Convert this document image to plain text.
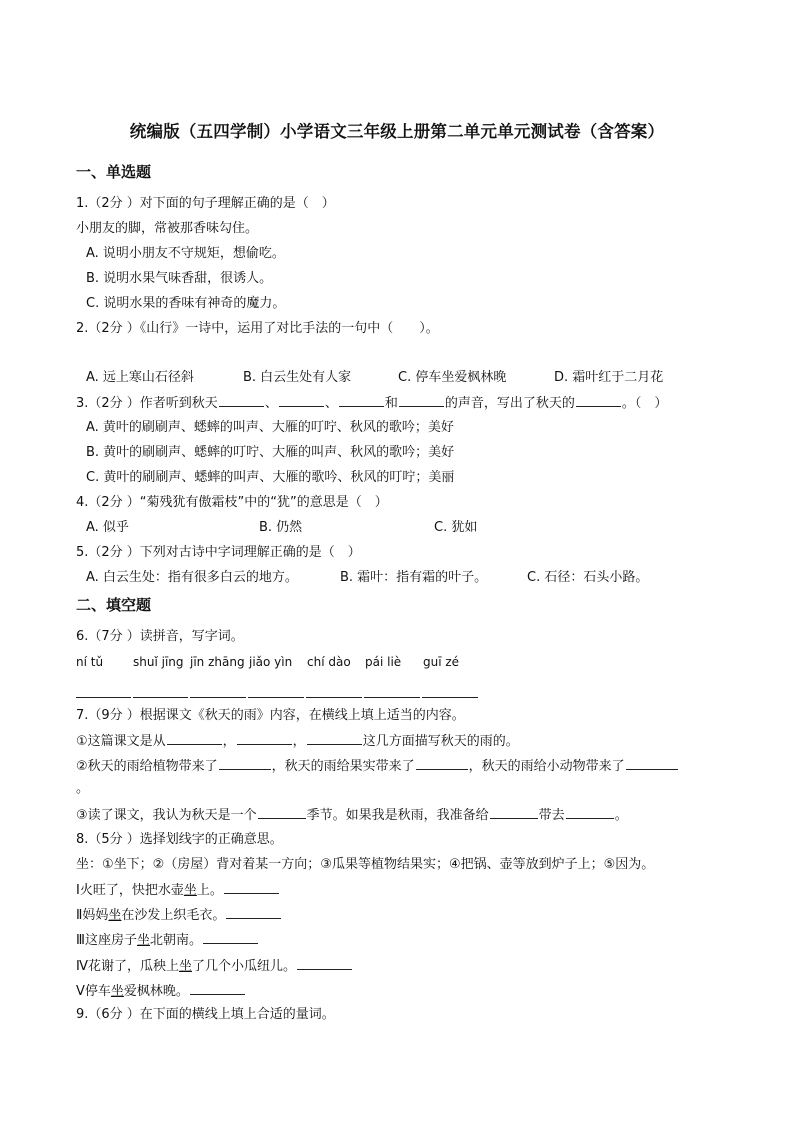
统编版（五四学制）小学语文三年级上册第二单元单元测试卷（含答案）
一、单选题
1.（2分 ）对下面的句子理解正确的是（　）
小朋友的脚，常被那香味勾住。
A. 说明小朋友不守规矩，想偷吃。
B. 说明水果气味香甜，很诱人。
C. 说明水果的香味有神奇的魔力。
2.（2分 ）《山行》一诗中，运用了对比手法的一句中（　　）。
A. 远上寒山石径斜	B. 白云生处有人家	C. 停车坐爱枫林晚	D. 霜叶红于二月花
3.（2分 ）作者听到秋天	、	、	和	的声音，写出了秋天的	。（　）
A. 黄叶的刷刷声、蟋蟀的叫声、大雁的叮咛、秋风的歌吟；美好
B. 黄叶的刷刷声、蟋蟀的叮咛、大雁的叫声、秋风的歌吟；美好
C. 黄叶的刷刷声、蟋蟀的叫声、大雁的歌吟、秋风的叮咛；美丽
4.（2分 ）“菊残犹有傲霜枝”中的“犹”的意思是（　）
A. 似乎	B. 仍然	C. 犹如
5.（2分 ）下列对古诗中字词理解正确的是（　）
A. 白云生处：指有很多白云的地方。	B. 霜叶：指有霜的叶子。	C. 石径：石头小路。
二、填空题
6.（7分 ）读拼音，写字词。
ní tǔ shuǐ jīng jīn zhāng jiǎo yìn chí dào pái liè guī zé
7.（9分 ）根据课文《秋天的雨》内容，在横线上填上适当的内容。
①这篇课文是从	，	，	这几方面描写秋天的雨的。
②秋天的雨给植物带来了	，秋天的雨给果实带来了	，秋天的雨给小动物带来了
。
③读了课文，我认为秋天是一个	季节。如果我是秋雨，我准备给	带去	。
8.（5分 ）选择划线字的正确意思。
坐：①坐下；②（房屋）背对着某一方向；③瓜果等植物结果实；④把锅、壶等放到炉子上；⑤因为。
Ⅰ火旺了，快把水壶坐上。
Ⅱ妈妈坐在沙发上织毛衣。
Ⅲ这座房子坐北朝南。
Ⅳ花谢了，瓜秧上坐了几个小瓜纽儿。
Ⅴ停车坐爱枫林晚。
9.（6分 ）在下面的横线上填上合适的量词。
